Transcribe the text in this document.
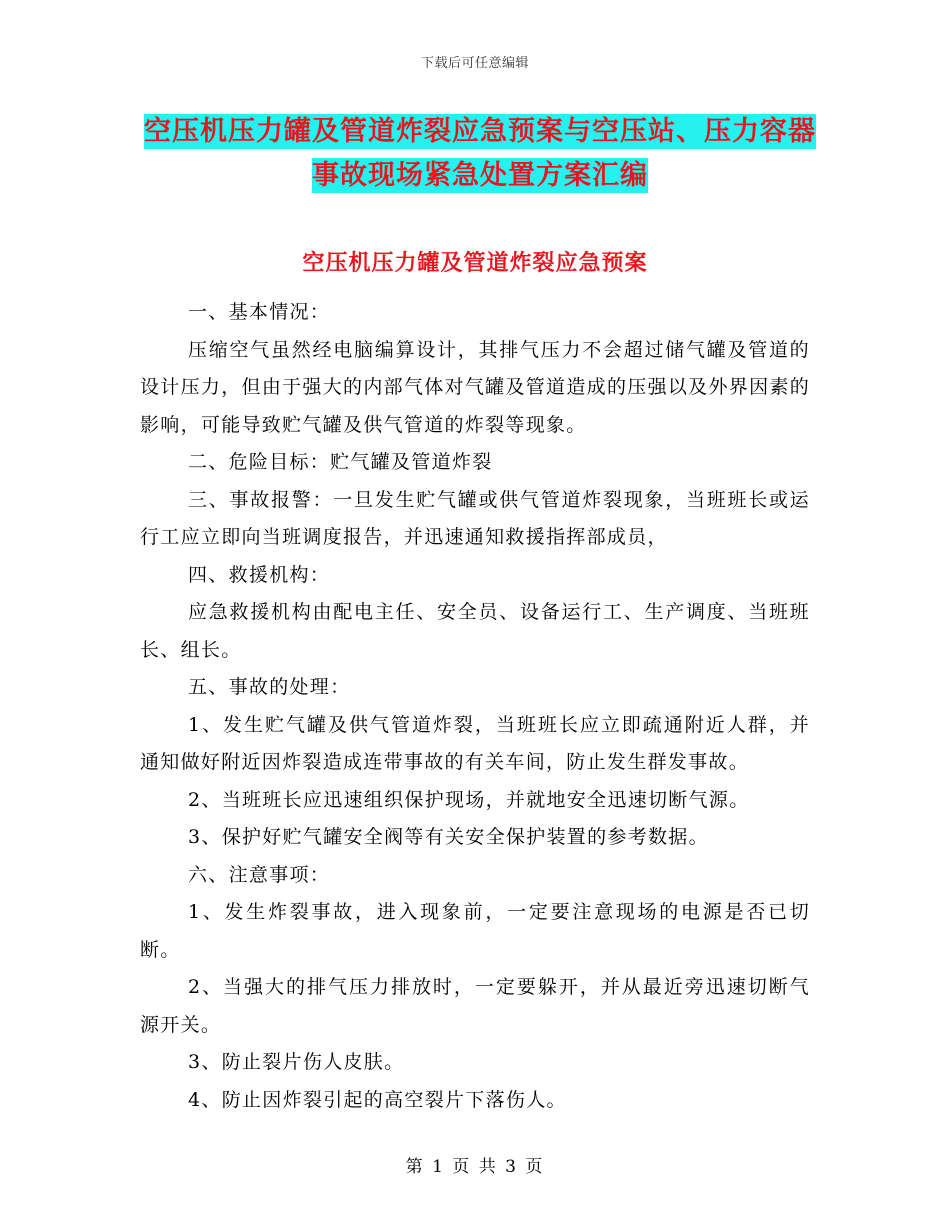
下载后可任意编辑
空压机压力罐及管道炸裂应急预案与空压站、压力容器事故现场紧急处置方案汇编
空压机压力罐及管道炸裂应急预案

一、基本情况：

压缩空气虽然经电脑编算设计，其排气压力不会超过储气罐及管道的设计压力，但由于强大的内部气体对气罐及管道造成的压强以及外界因素的影响，可能导致贮气罐及供气管道的炸裂等现象。

二、危险目标：贮气罐及管道炸裂

三、事故报警：一旦发生贮气罐或供气管道炸裂现象，当班班长或运行工应立即向当班调度报告，并迅速通知救援指挥部成员，

四、救援机构：

应急救援机构由配电主任、安全员、设备运行工、生产调度、当班班长、组长。

五、事故的处理：

1、发生贮气罐及供气管道炸裂，当班班长应立即疏通附近人群，并通知做好附近因炸裂造成连带事故的有关车间，防止发生群发事故。

2、当班班长应迅速组织保护现场，并就地安全迅速切断气源。

3、保护好贮气罐安全阀等有关安全保护装置的参考数据。

六、注意事项：

1、发生炸裂事故，进入现象前，一定要注意现场的电源是否已切断。

2、当强大的排气压力排放时，一定要躲开，并从最近旁迅速切断气源开关。

3、防止裂片伤人皮肤。

4、防止因炸裂引起的高空裂片下落伤人。

第 1 页 共 3 页
